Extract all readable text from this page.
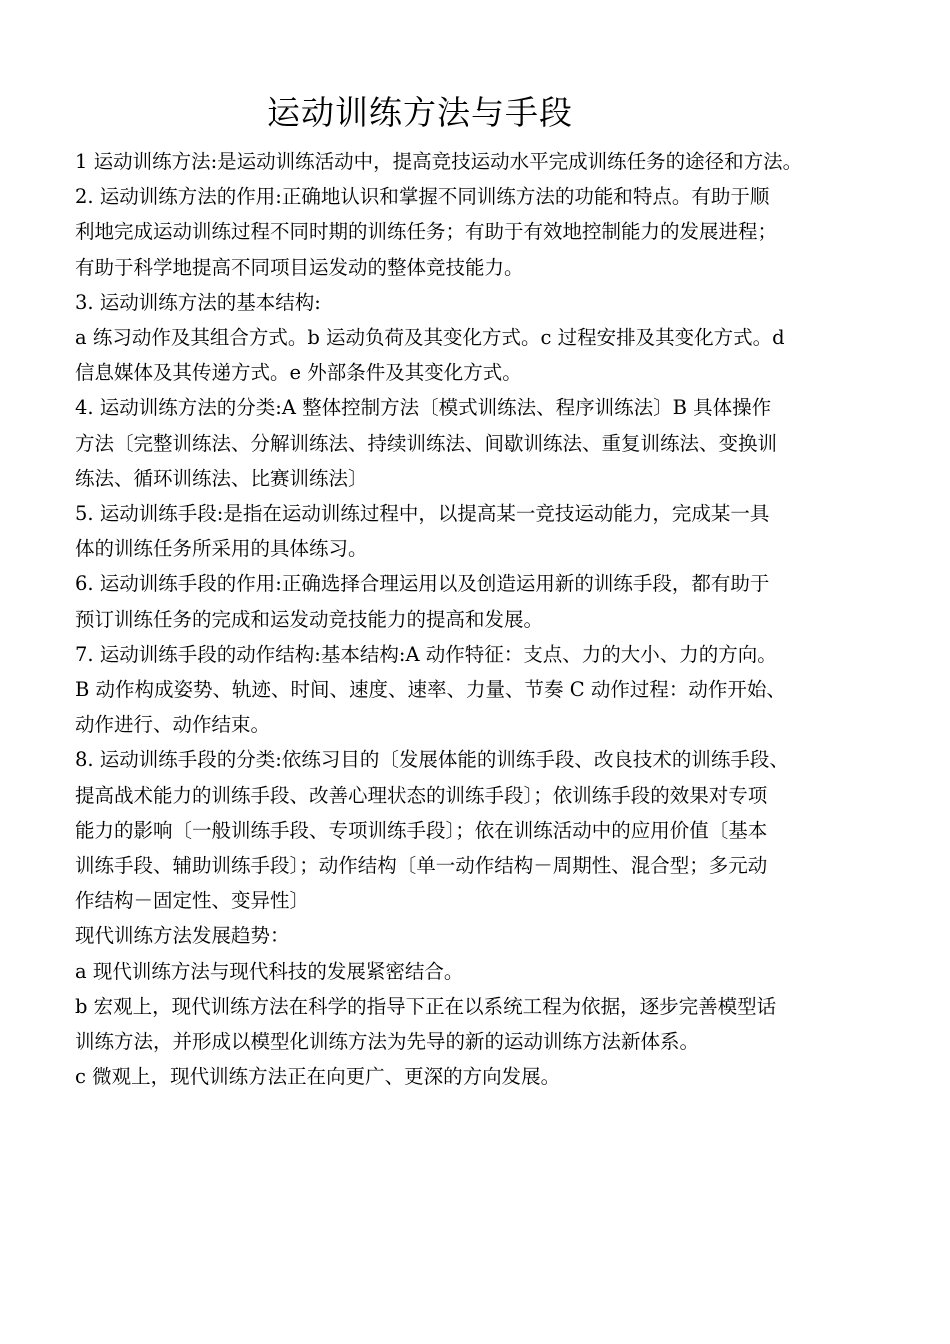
运动训练方法与手段

1 运动训练方法:是运动训练活动中，提高竞技运动水平完成训练任务的途径和方法。

2. 运动训练方法的作用:正确地认识和掌握不同训练方法的功能和特点。有助于顺

利地完成运动训练过程不同时期的训练任务；有助于有效地控制能力的发展进程；

有助于科学地提高不同项目运发动的整体竞技能力。

3. 运动训练方法的基本结构:

a 练习动作及其组合方式。b 运动负荷及其变化方式。c 过程安排及其变化方式。d

信息媒体及其传递方式。e 外部条件及其变化方式。

4. 运动训练方法的分类:A 整体控制方法〔模式训练法、程序训练法〕B 具体操作

方法〔完整训练法、分解训练法、持续训练法、间歇训练法、重复训练法、变换训

练法、循环训练法、比赛训练法〕

5. 运动训练手段:是指在运动训练过程中，以提高某一竞技运动能力，完成某一具

体的训练任务所采用的具体练习。

6. 运动训练手段的作用:正确选择合理运用以及创造运用新的训练手段，都有助于

预订训练任务的完成和运发动竞技能力的提高和发展。

7. 运动训练手段的动作结构:基本结构:A 动作特征：支点、力的大小、力的方向。

B 动作构成姿势、轨迹、时间、速度、速率、力量、节奏 C 动作过程：动作开始、

动作进行、动作结束。

8. 运动训练手段的分类:依练习目的〔发展体能的训练手段、改良技术的训练手段、

提高战术能力的训练手段、改善心理状态的训练手段〕；依训练手段的效果对专项

能力的影响〔一般训练手段、专项训练手段〕；依在训练活动中的应用价值〔基本

训练手段、辅助训练手段〕；动作结构〔单一动作结构－周期性、混合型；多元动

作结构－固定性、变异性〕

现代训练方法发展趋势：

a 现代训练方法与现代科技的发展紧密结合。

b 宏观上，现代训练方法在科学的指导下正在以系统工程为依据，逐步完善模型话

训练方法，并形成以模型化训练方法为先导的新的运动训练方法新体系。

c 微观上，现代训练方法正在向更广、更深的方向发展。
